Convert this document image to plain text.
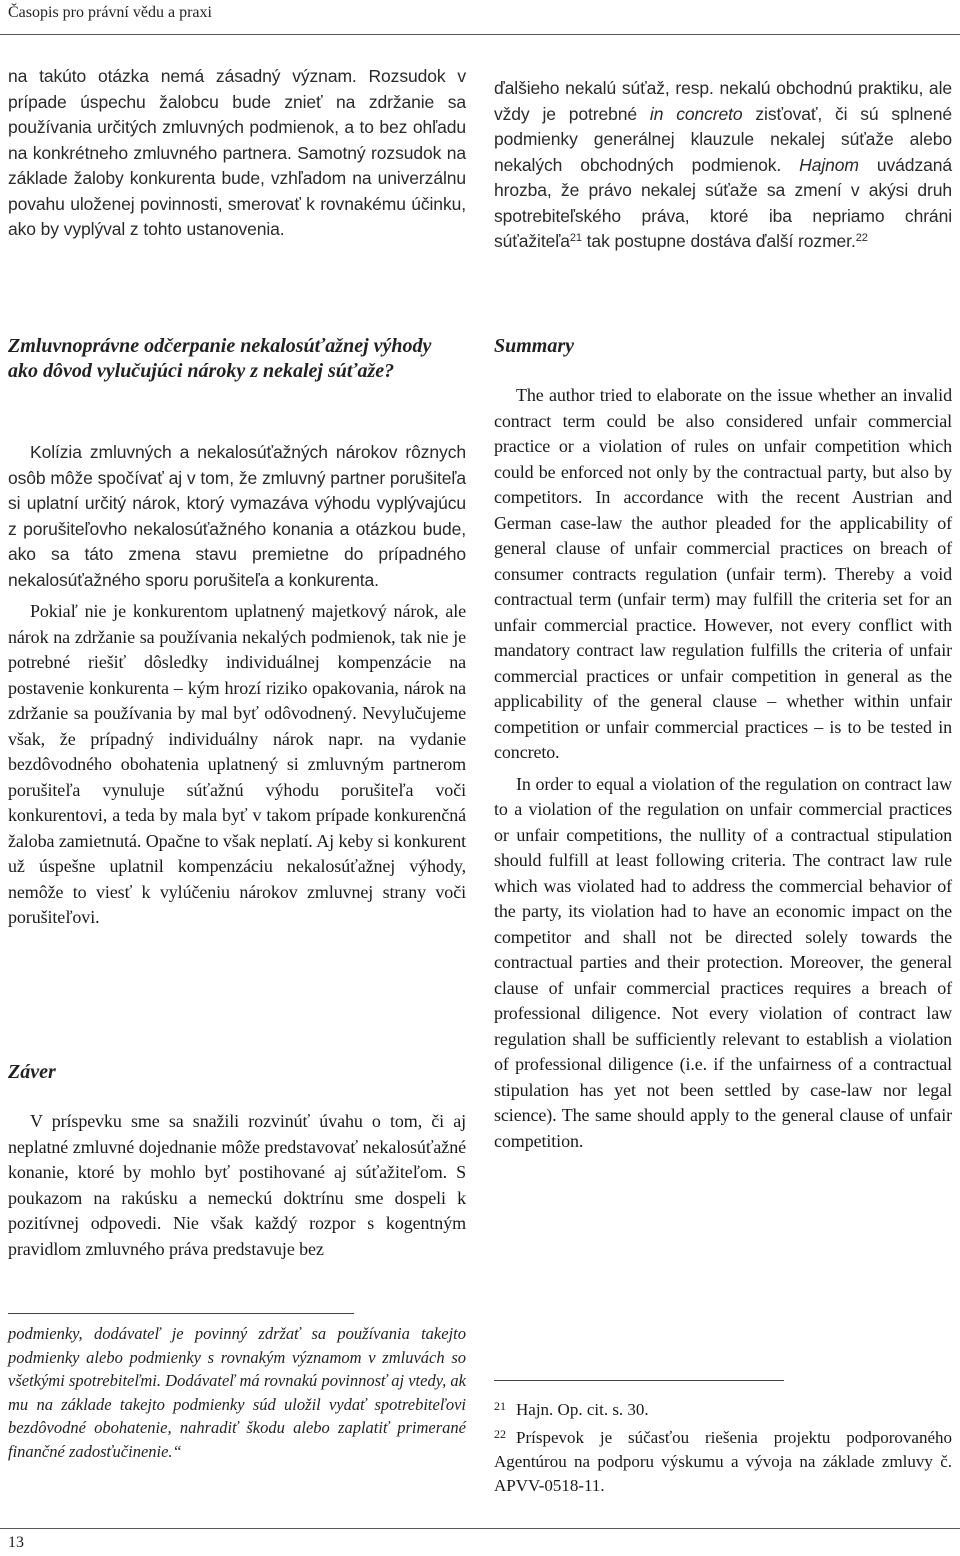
Časopis pro právní vědu a praxi

na takúto otázka nemá zásadný význam. Rozsudok v prípade úspechu žalobcu bude znieť na zdržanie sa používania určitých zmluvných podmienok, a to bez ohľadu na konkrétneho zmluvného partnera. Samotný rozsudok na základe žaloby konkurenta bude, vzhľadom na univerzálnu povahu uloženej povinnosti, smerovať k rovnakému účinku, ako by vyplýval z tohto ustanovenia.

Zmluvnoprávne odčerpanie nekalosúťažnej výhody ako dôvod vylučujúci nároky z nekalej súťaže?

Kolízia zmluvných a nekalosúťažných nárokov rôznych osôb môže spočívať aj v tom, že zmluvný partner porušiteľa si uplatní určitý nárok, ktorý vymazáva výhodu vyplývajúcu z porušiteľovho nekalosúťažného konania a otázkou bude, ako sa táto zmena stavu premietne do prípadného nekalosúťažného sporu porušiteľa a konkurenta.

Pokiaľ nie je konkurentom uplatnený majetkový nárok, ale nárok na zdržanie sa používania nekalých podmienok, tak nie je potrebné riešiť dôsledky individuálnej kompenzácie na postavenie konkurenta – kým hrozí riziko opakovania, nárok na zdržanie sa používania by mal byť odôvodnený. Nevylučujeme však, že prípadný individuálny nárok napr. na vydanie bezdôvodného obohatenia uplatnený si zmluvným partnerom porušiteľa vynuluje súťažnú výhodu porušiteľa voči konkurentovi, a teda by mala byť v takom prípade konkurenčná žaloba zamietnutá. Opačne to však neplatí. Aj keby si konkurent už úspešne uplatnil kompenzáciu nekalosúťažnej výhody, nemôže to viesť k vylúčeniu nárokov zmluvnej strany voči porušiteľovi.

Záver

V príspevku sme sa snažili rozvinúť úvahu o tom, či aj neplatné zmluvné dojednanie môže predstavovať nekalosúťažné konanie, ktoré by mohlo byť postihované aj súťažiteľom. S poukazom na rakúsku a nemeckú doktrínu sme dospeli k pozitívnej odpovedi. Nie však každý rozpor s kogentným pravidlom zmluvného práva predstavuje bez

podmienky, dodávateľ je povinný zdržať sa používania takejto podmienky alebo podmienky s rovnakým významom v zmluvách so všetkými spotrebiteľmi. Dodávateľ má rovnakú povinnosť aj vtedy, ak mu na základe takejto podmienky súd uložil vydať spotrebiteľovi bezdôvodné obohatenie, nahradiť škodu alebo zaplatiť primerané finančné zadosťučinenie.“

ďalšieho nekalú súťaž, resp. nekalú obchodnú praktiku, ale vždy je potrebné in concreto zisťovať, či sú splnené podmienky generálnej klauzule nekalej súťaže alebo nekalých obchodných podmienok. Hajnom uvádzaná hrozba, že právo nekalej súťaže sa zmení v akýsi druh spotrebiteľského práva, ktoré iba nepriamo chráni súťažiteľa$^{21}$ tak postupne dostáva ďalší rozmer.$^{22}$

Summary

The author tried to elaborate on the issue whether an invalid contract term could be also considered unfair commercial practice or a violation of rules on unfair competition which could be enforced not only by the contractual party, but also by competitors. In accordance with the recent Austrian and German case-law the author pleaded for the applicability of general clause of unfair commercial practices on breach of consumer contracts regulation (unfair term). Thereby a void contractual term (unfair term) may fulfill the criteria set for an unfair commercial practice. However, not every conflict with mandatory contract law regulation fulfills the criteria of unfair commercial practices or unfair competition in general as the applicability of the general clause – whether within unfair competition or unfair commercial practices – is to be tested in concreto.

In order to equal a violation of the regulation on contract law to a violation of the regulation on unfair commercial practices or unfair competitions, the nullity of a contractual stipulation should fulfill at least following criteria. The contract law rule which was violated had to address the commercial behavior of the party, its violation had to have an economic impact on the competitor and shall not be directed solely towards the contractual parties and their protection. Moreover, the general clause of unfair commercial practices requires a breach of professional diligence. Not every violation of contract law regulation shall be sufficiently relevant to establish a violation of professional diligence (i.e. if the unfairness of a contractual stipulation has yet not been settled by case-law nor legal science). The same should apply to the general clause of unfair competition.

$^{21}$ Hajn. Op. cit. s. 30.

$^{22}$ Príspevok je súčasťou riešenia projektu podporovaného Agentúrou na podporu výskumu a vývoja na základe zmluvy č. APVV-0518-11.

13
